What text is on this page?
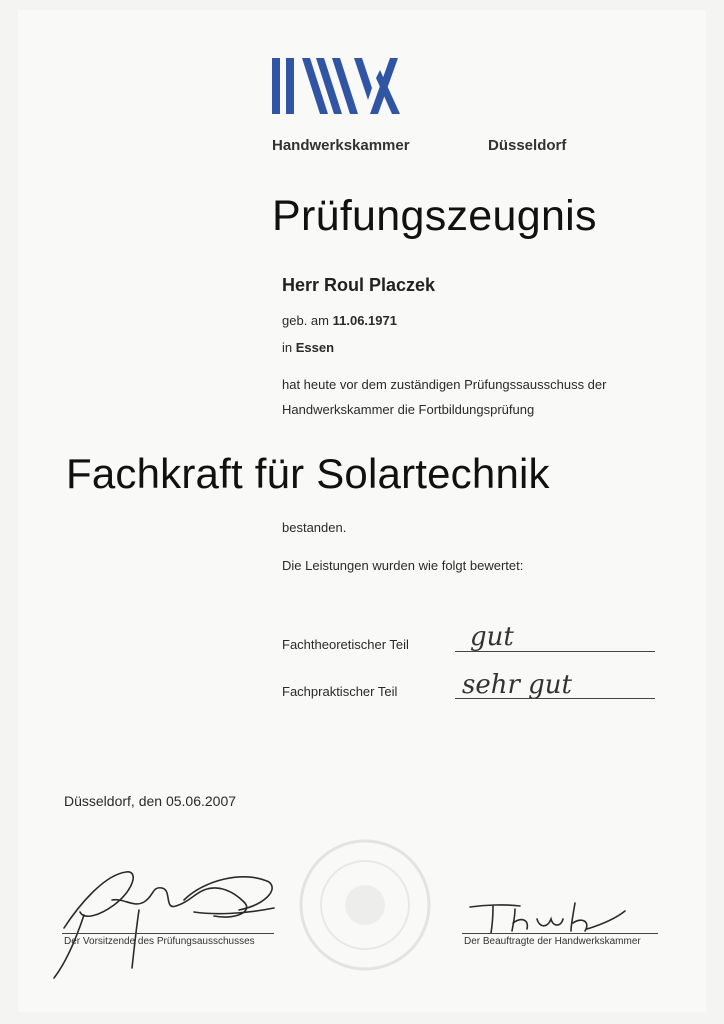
Handwerkskammer	Düsseldorf
Prüfungszeugnis
Herr Roul Placzek
geb. am 11.06.1971
in Essen
hat heute vor dem zuständigen Prüfungssausschuss der
Handwerkskammer die Fortbildungsprüfung
Fachkraft für Solartechnik
bestanden.
Die Leistungen wurden wie folgt bewertet:
Fachtheoretischer Teil gut
Fachpraktischer Teil sehr gut
Düsseldorf, den 05.06.2007
Der Vorsitzende des Prüfungsausschusses	Der Beauftragte der Handwerkskammer
